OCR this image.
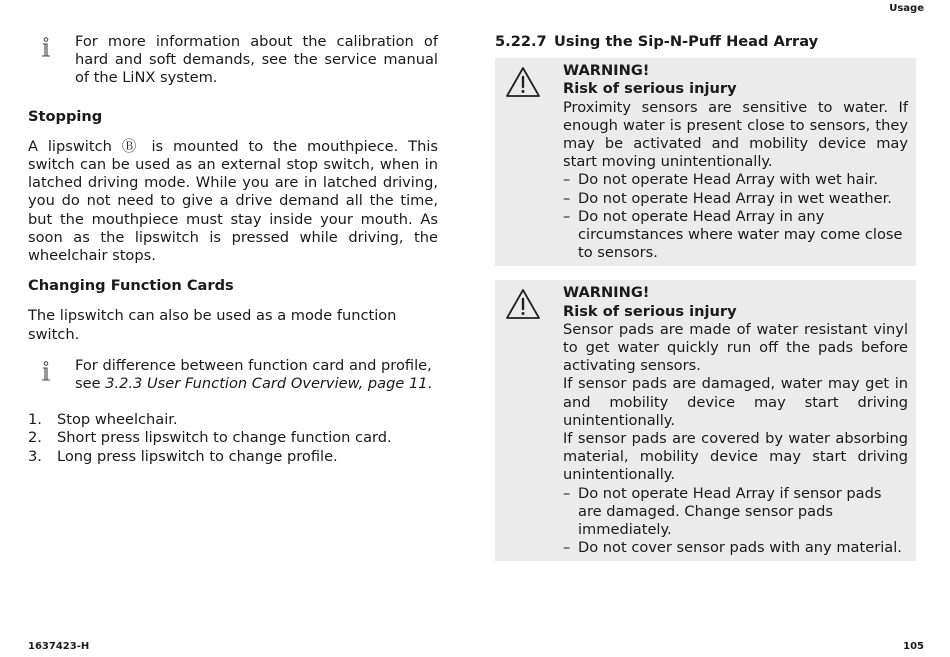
Usage
For more information about the calibration of hard and soft demands, see the service manual of the LiNX system.
Stopping

A lipswitch Ⓑ is mounted to the mouthpiece. This switch can be used as an external stop switch, when in latched driving mode. While you are in latched driving, you do not need to give a drive demand all the time, but the mouthpiece must stay inside your mouth. As soon as the lipswitch is pressed while driving, the wheelchair stops.

Changing Function Cards

The lipswitch can also be used as a mode function switch.

For difference between function card and profile, see 3.2.3 User Function Card Overview, page 11.
1.	Stop wheelchair.
2.	Short press lipswitch to change function card.
3.	Long press lipswitch to change profile.
5.22.7 Using the Sip-N-Puff Head Array
WARNING!
Risk of serious injury
Proximity sensors are sensitive to water. If enough water is present close to sensors, they may be activated and mobility device may start moving unintentionally.
– Do not operate Head Array with wet hair.
– Do not operate Head Array in wet weather.
– Do not operate Head Array in any circumstances where water may come close to sensors.
WARNING!
Risk of serious injury
Sensor pads are made of water resistant vinyl to get water quickly run off the pads before activating sensors.
If sensor pads are damaged, water may get in and mobility device may start driving unintentionally.
If sensor pads are covered by water absorbing material, mobility device may start driving unintentionally.
– Do not operate Head Array if sensor pads are damaged. Change sensor pads immediately.
– Do not cover sensor pads with any material.
1637423-H	105
